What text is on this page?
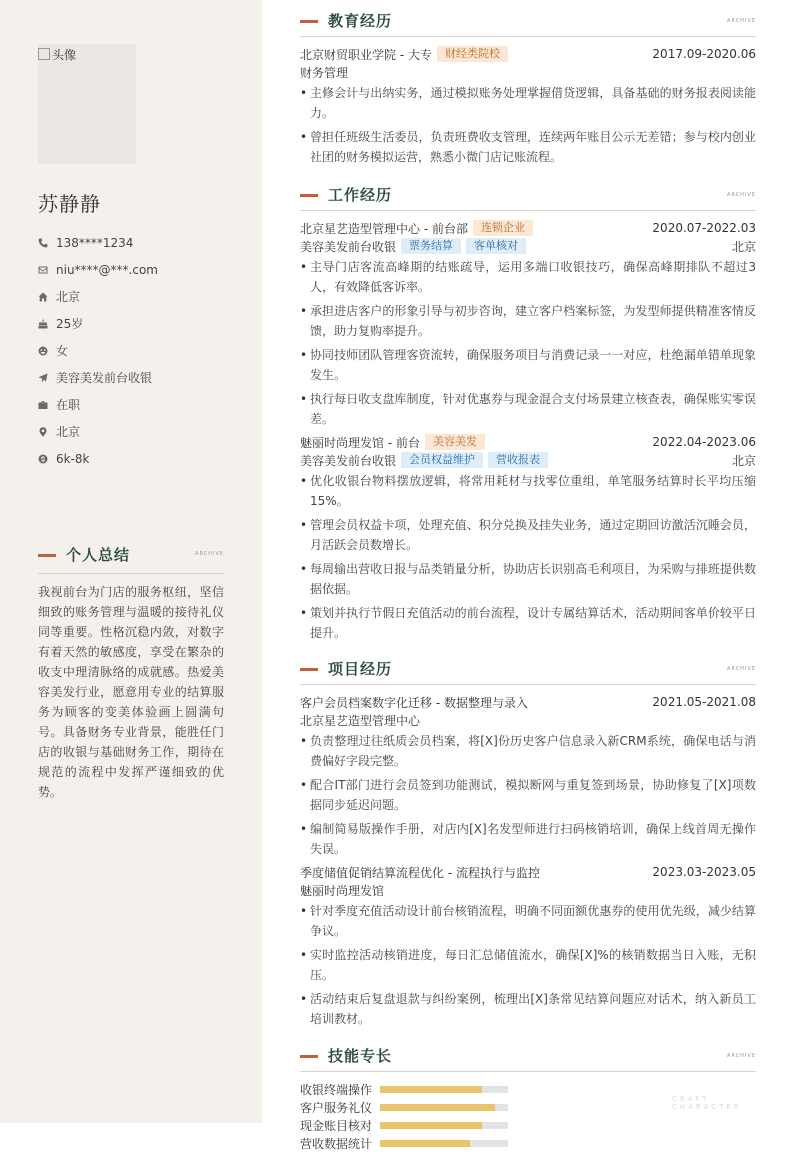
头像
苏静静
138****1234
niu****@***.com
北京
25岁
女
美容美发前台收银
在职
北京
6k-8k
个人总结	ARCHIVE
我视前台为门店的服务枢纽，坚信细致的账务管理与温暖的接待礼仪同等重要。性格沉稳内敛，对数字有着天然的敏感度，享受在繁杂的收支中理清脉络的成就感。热爱美容美发行业，愿意用专业的结算服务为顾客的变美体验画上圆满句号。具备财务专业背景，能胜任门店的收银与基础财务工作，期待在规范的流程中发挥严谨细致的优势。
教育经历	ARCHIVE
北京财贸职业学院 - 大专	财经类院校	2017.09-2020.06
财务管理
• 主修会计与出纳实务，通过模拟账务处理掌握借贷逻辑，具备基础的财务报表阅读能力。
• 曾担任班级生活委员，负责班费收支管理，连续两年账目公示无差错；参与校内创业社团的财务模拟运营，熟悉小微门店记账流程。
工作经历	ARCHIVE
北京星艺造型管理中心 - 前台部	连锁企业	2020.07-2022.03
美容美发前台收银	票务结算	客单核对	北京
• 主导门店客流高峰期的结账疏导，运用多端口收银技巧，确保高峰期排队不超过3人，有效降低客诉率。
• 承担进店客户的形象引导与初步咨询，建立客户档案标签，为发型师提供精准客情反馈，助力复购率提升。
• 协同技师团队管理客资流转，确保服务项目与消费记录一一对应，杜绝漏单错单现象发生。
• 执行每日收支盘库制度，针对优惠券与现金混合支付场景建立核查表，确保账实零误差。
魅丽时尚理发馆 - 前台	美容美发	2022.04-2023.06
美容美发前台收银	会员权益维护	营收报表	北京
• 优化收银台物料摆放逻辑，将常用耗材与找零位重组，单笔服务结算时长平均压缩15%。
• 管理会员权益卡项，处理充值、积分兑换及挂失业务，通过定期回访激活沉睡会员，月活跃会员数增长。
• 每周输出营收日报与品类销量分析，协助店长识别高毛利项目，为采购与排班提供数据依据。
• 策划并执行节假日充值活动的前台流程，设计专属结算话术，活动期间客单价较平日提升。
项目经历	ARCHIVE
客户会员档案数字化迁移 - 数据整理与录入	2021.05-2021.08
北京星艺造型管理中心
• 负责整理过往纸质会员档案，将[X]份历史客户信息录入新CRM系统，确保电话与消费偏好字段完整。
• 配合IT部门进行会员签到功能测试，模拟断网与重复签到场景，协助修复了[X]项数据同步延迟问题。
• 编制简易版操作手册，对店内[X]名发型师进行扫码核销培训，确保上线首周无操作失误。
季度储值促销结算流程优化 - 流程执行与监控	2023.03-2023.05
魅丽时尚理发馆
• 针对季度充值活动设计前台核销流程，明确不同面额优惠券的使用优先级，减少结算争议。
• 实时监控活动核销进度，每日汇总储值流水，确保[X]%的核销数据当日入账，无积压。
• 活动结束后复盘退款与纠纷案例，梳理出[X]条常见结算问题应对话术，纳入新员工培训教材。
技能专长	ARCHIVE
收银终端操作
客户服务礼仪
现金账目核对
营收数据统计
CRAFT · CHARACTER
